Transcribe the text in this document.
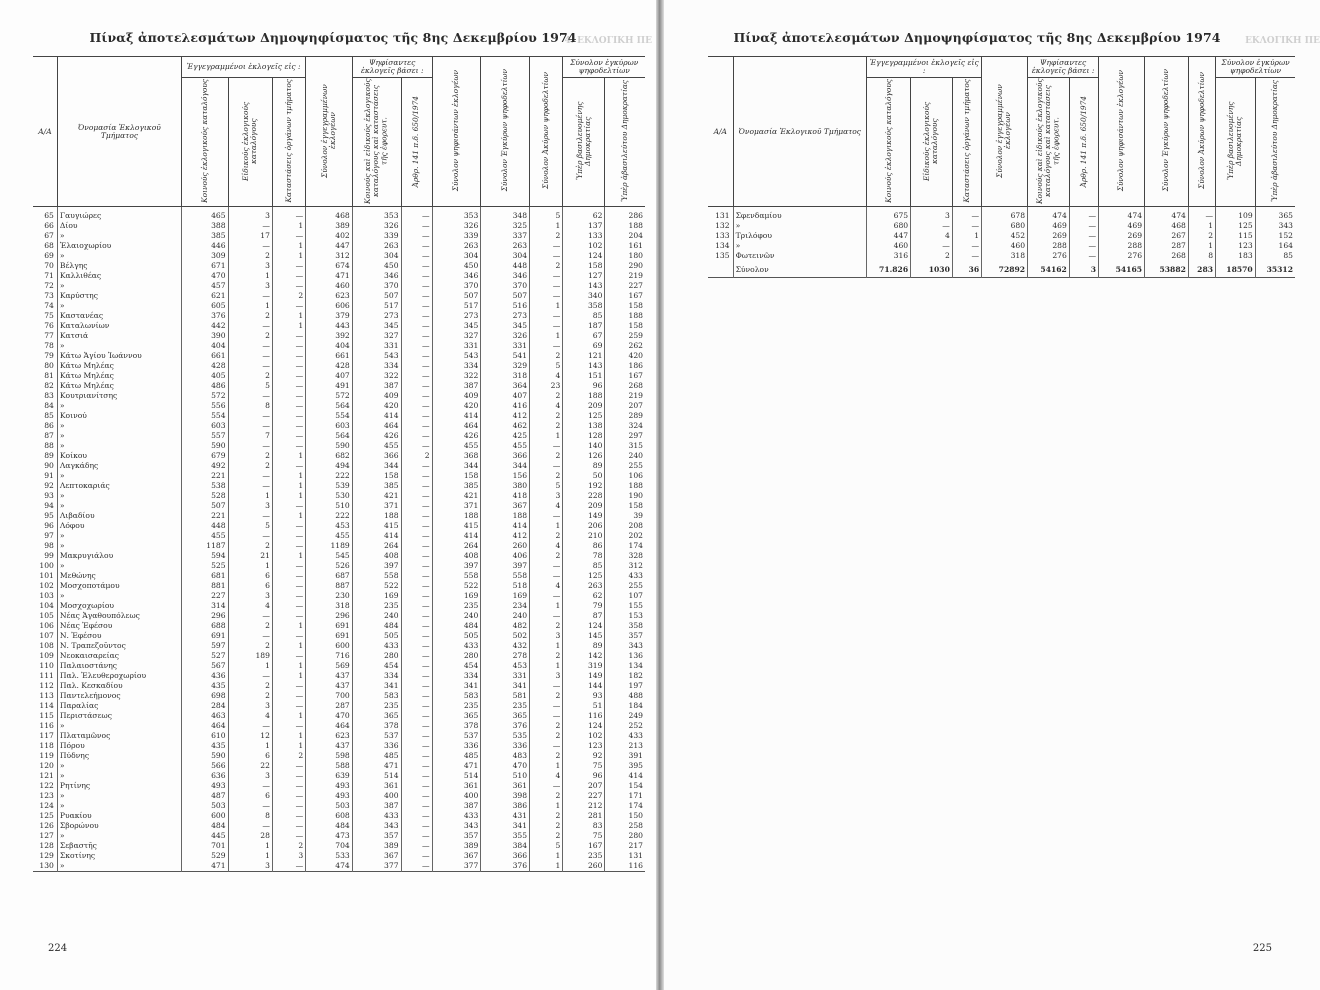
4. ΕΚΛΟΓΙΚΗ ΠΕ
Πίναξ ἀποτελεσμάτων Δημοψηφίσματος τῆς 8ης Δεκεμβρίου 1974
Α/Α	Ὀνομασία Ἐκλογικοῦ Τμήματος	Ἐγγεγραμμένοι ἐκλογεῖς εἰς :			Σύνολον ἐγγεγραμμένων ἐκλογέων	Ψηφίσαντες ἐκλογεῖς βάσει :		Σύνολον ψηφισάντων ἐκλογέων	Σύνολον Ἐγκύρων ψηφοδελτίων	Σύνολον Ἀκύρων ψηφοδελτίων	Σύνολον ἐγκύρων ψηφοδελτίων	
		Κοινούς ἐκλογικούς καταλόγους	Εἰδικούς ἐκλογικούς καταλόγους	Καταστάσεις ὀργάνων τμήματος		Κοινούς καὶ εἰδικούς ἐκλογικούς καταλόγους καὶ καταστάσεις τῆς ἐφορευτ.	Ἀρθρ. 141 π.δ. 650/1974				Ὑπὲρ βασιλευομένης Δημοκρατίας	Ὑπὲρ ἀβασιλεύτου Δημοκρατίας
65	Γαυγιώρες	465	3	—	468	353	—	353	348	5	62	286
66	Δίου	388	—	1	389	326	—	326	325	1	137	188
67	»	385	17	—	402	339	—	339	337	2	133	204
68	Ἐλαιοχωρίου	446	—	1	447	263	—	263	263	—	102	161
69	»	309	2	1	312	304	—	304	304	—	124	180
70	Βέλγης	671	3	—	674	450	—	450	448	2	158	290
71	Καλλιθέας	470	1	—	471	346	—	346	346	—	127	219
72	»	457	3	—	460	370	—	370	370	—	143	227
73	Καρύστης	621	—	2	623	507	—	507	507	—	340	167
74	»	605	1	—	606	517	—	517	516	1	358	158
75	Καστανέας	376	2	1	379	273	—	273	273	—	85	188
76	Καταλωνίων	442	—	1	443	345	—	345	345	—	187	158
77	Κατσιά	390	2	—	392	327	—	327	326	1	67	259
78	»	404	—	—	404	331	—	331	331	—	69	262
79	Κάτω Ἁγίου Ἰωάννου	661	—	—	661	543	—	543	541	2	121	420
80	Κάτω Μηλέας	428	—	—	428	334	—	334	329	5	143	186
81	Κάτω Μηλέας	405	2	—	407	322	—	322	318	4	151	167
82	Κάτω Μηλέας	486	5	—	491	387	—	387	364	23	96	268
83	Κουτριανίτσης	572	—	—	572	409	—	409	407	2	188	219
84	»	556	8	—	564	420	—	420	416	4	209	207
85	Κοινού	554	—	—	554	414	—	414	412	2	125	289
86	»	603	—	—	603	464	—	464	462	2	138	324
87	»	557	7	—	564	426	—	426	425	1	128	297
88	»	590	—	—	590	455	—	455	455	—	140	315
89	Κοίκου	679	2	1	682	366	2	368	366	2	126	240
90	Λαγκάδης	492	2	—	494	344	—	344	344	—	89	255
91	»	221	—	1	222	158	—	158	156	2	50	106
92	Λεπτοκαριάς	538	—	1	539	385	—	385	380	5	192	188
93	»	528	1	1	530	421	—	421	418	3	228	190
94	»	507	3	—	510	371	—	371	367	4	209	158
95	Λιβαδίου	221	—	1	222	188	—	188	188	—	149	39
96	Λόφου	448	5	—	453	415	—	415	414	1	206	208
97	»	455	—	—	455	414	—	414	412	2	210	202
98	»	1187	2	—	1189	264	—	264	260	4	86	174
99	Μακρυγιάλου	594	21	1	545	408	—	408	406	2	78	328
100	»	525	1	—	526	397	—	397	397	—	85	312
101	Μεθώνης	681	6	—	687	558	—	558	558	—	125	433
102	Μοσχοποτάμου	881	6	—	887	522	—	522	518	4	263	255
103	»	227	3	—	230	169	—	169	169	—	62	107
104	Μοσχοχωρίου	314	4	—	318	235	—	235	234	1	79	155
105	Νέας Ἀγαθουπόλεως	296	—	—	296	240	—	240	240	—	87	153
106	Νέας Ἐφέσου	688	2	1	691	484	—	484	482	2	124	358
107	Ν. Ἐφέσου	691	—	—	691	505	—	505	502	3	145	357
108	Ν. Τραπεζοῦντος	597	2	1	600	433	—	433	432	1	89	343
109	Νεοκαισαρείας	527	189	—	716	280	—	280	278	2	142	136
110	Παλαιοστάνης	567	1	1	569	454	—	454	453	1	319	134
111	Παλ. Ἐλευθεροχωρίου	436	—	1	437	334	—	334	331	3	149	182
112	Παλ. Κεσκαδίου	435	2	—	437	341	—	341	341	—	144	197
113	Παντελεήμονος	698	2	—	700	583	—	583	581	2	93	488
114	Παραλίας	284	3	—	287	235	—	235	235	—	51	184
115	Περιστάσεως	463	4	1	470	365	—	365	365	—	116	249
116	»	464	—	—	464	378	—	378	376	2	124	252
117	Πλαταμῶνος	610	12	1	623	537	—	537	535	2	102	433
118	Πόρου	435	1	1	437	336	—	336	336	—	123	213
119	Πύδνης	590	6	2	598	485	—	485	483	2	92	391
120	»	566	22	—	588	471	—	471	470	1	75	395
121	»	636	3	—	639	514	—	514	510	4	96	414
122	Ρητίνης	493	—	—	493	361	—	361	361	—	207	154
123	»	487	6	—	493	400	—	400	398	2	227	171
124	»	503	—	—	503	387	—	387	386	1	212	174
125	Ρυακίου	600	8	—	608	433	—	433	431	2	281	150
126	Σβορώνου	484	—	—	484	343	—	343	341	2	83	258
127	»	445	28	—	473	357	—	357	355	2	75	280
128	Σεβαστῆς	701	1	2	704	389	—	389	384	5	167	217
129	Σκοτίνης	529	1	3	533	367	—	367	366	1	235	131
130	»	471	3	—	474	377	—	377	376	1	260	116

224
ΕΚΛΟΓΙΚΗ ΠΕ
Πίναξ ἀποτελεσμάτων Δημοψηφίσματος τῆς 8ης Δεκεμβρίου 1974
Α/Α	Ὀνομασία Ἐκλογικοῦ Τμήματος	Ἐγγεγραμμένοι ἐκλογεῖς εἰς :			Σύνολον ἐγγεγραμμένων ἐκλογέων	Ψηφίσαντες ἐκλογεῖς βάσει :		Σύνολον ψηφισάντων ἐκλογέων	Σύνολον Ἐγκύρων ψηφοδελτίων	Σύνολον Ἀκύρων ψηφοδελτίων	Σύνολον ἐγκύρων ψηφοδελτίων	
		Κοινούς ἐκλογικούς καταλόγους	Εἰδικούς ἐκλογικούς καταλόγους	Καταστάσεις ὀργάνων τμήματος		Κοινούς καὶ εἰδικούς ἐκλογικούς καταλόγους καὶ καταστάσεις τῆς ἐφορευτ.	Ἀρθρ. 141 π.δ. 650/1974				Ὑπὲρ βασιλευομένης Δημοκρατίας	Ὑπὲρ ἀβασιλεύτου Δημοκρατίας
131	Σφενδαμίου	675	3	—	678	474	—	474	474	—	109	365
132	»	680	—	—	680	469	—	469	468	1	125	343
133	Τριλόφου	447	4	1	452	269	—	269	267	2	115	152
134	»	460	—	—	460	288	—	288	287	1	123	164
135	Φωτεινῶν	316	2	—	318	276	—	276	268	8	183	85
	Σύνολον	71.826	1030	36	72892	54162	3	54165	53882	283	18570	35312

225
